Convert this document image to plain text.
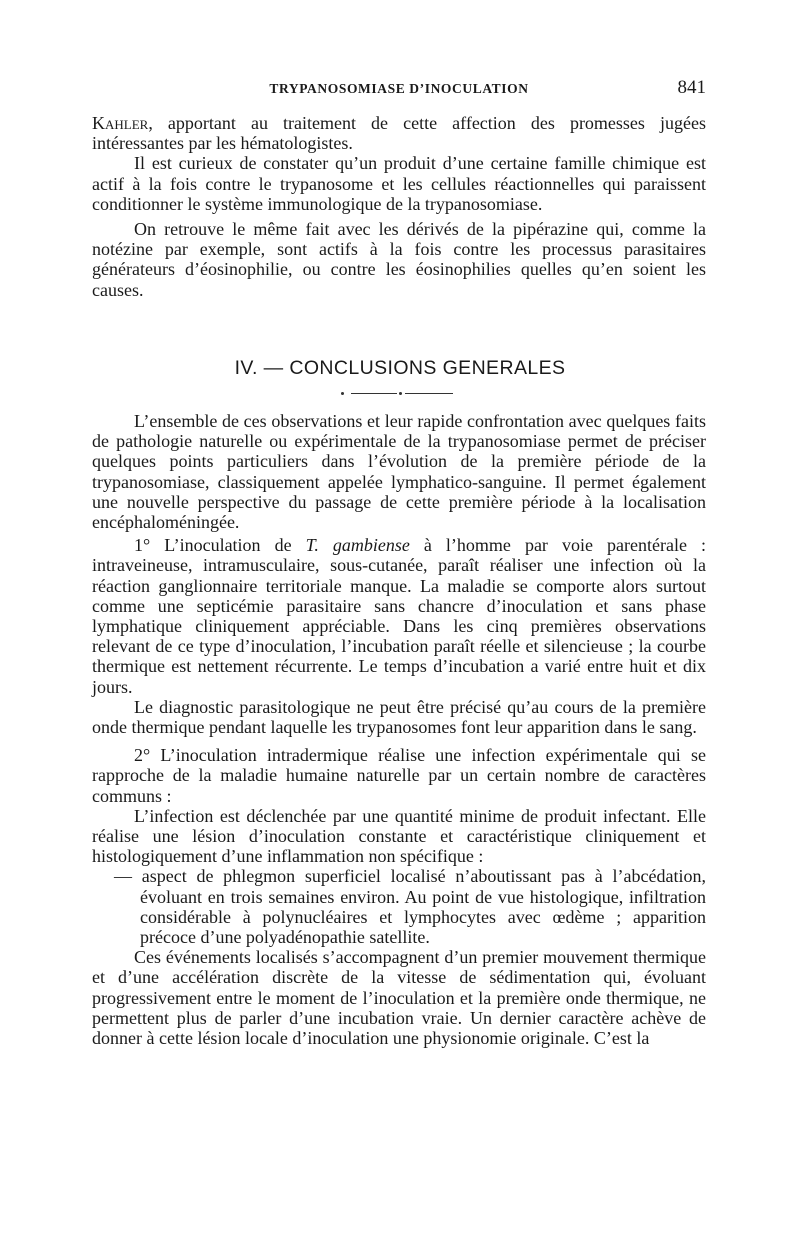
TRYPANOSOMIASE D’INOCULATION	841

Kahler, apportant au traitement de cette affection des promesses jugées intéressantes par les hématologistes.

Il est curieux de constater qu’un produit d’une certaine famille chimique est actif à la fois contre le trypanosome et les cellules réactionnelles qui paraissent conditionner le système immunologique de la trypanosomiase.

On retrouve le même fait avec les dérivés de la pipérazine qui, comme la notézine par exemple, sont actifs à la fois contre les processus parasitaires générateurs d’éosinophilie, ou contre les éosinophilies quelles qu’en soient les causes.

IV. — CONCLUSIONS GENERALES

L’ensemble de ces observations et leur rapide confrontation avec quelques faits de pathologie naturelle ou expérimentale de la trypanosomiase permet de préciser quelques points particuliers dans l’évolution de la première période de la trypanosomiase, classiquement appelée lymphatico-sanguine. Il permet également une nouvelle perspective du passage de cette première période à la localisation encéphaloméningée.

1° L’inoculation de T. gambiense à l’homme par voie parentérale : intraveineuse, intramusculaire, sous-cutanée, paraît réaliser une infection où la réaction ganglionnaire territoriale manque. La maladie se comporte alors surtout comme une septicémie parasitaire sans chancre d’inoculation et sans phase lymphatique cliniquement appréciable. Dans les cinq premières observations relevant de ce type d’inoculation, l’incubation paraît réelle et silencieuse ; la courbe thermique est nettement récurrente. Le temps d’incubation a varié entre huit et dix jours.

Le diagnostic parasitologique ne peut être précisé qu’au cours de la première onde thermique pendant laquelle les trypanosomes font leur apparition dans le sang.

2° L’inoculation intradermique réalise une infection expérimentale qui se rapproche de la maladie humaine naturelle par un certain nombre de caractères communs :

L’infection est déclenchée par une quantité minime de produit infectant. Elle réalise une lésion d’inoculation constante et caractéristique cliniquement et histologiquement d’une inflammation non spécifique :

— aspect de phlegmon superficiel localisé n’aboutissant pas à l’abcédation, évoluant en trois semaines environ. Au point de vue histologique, infiltration considérable à polynucléaires et lymphocytes avec œdème ; apparition précoce d’une polyadénopathie satellite.

Ces événements localisés s’accompagnent d’un premier mouvement thermique et d’une accélération discrète de la vitesse de sédimentation qui, évoluant progressivement entre le moment de l’inoculation et la première onde thermique, ne permettent plus de parler d’une incubation vraie. Un dernier caractère achève de donner à cette lésion locale d’inoculation une physionomie originale. C’est la
